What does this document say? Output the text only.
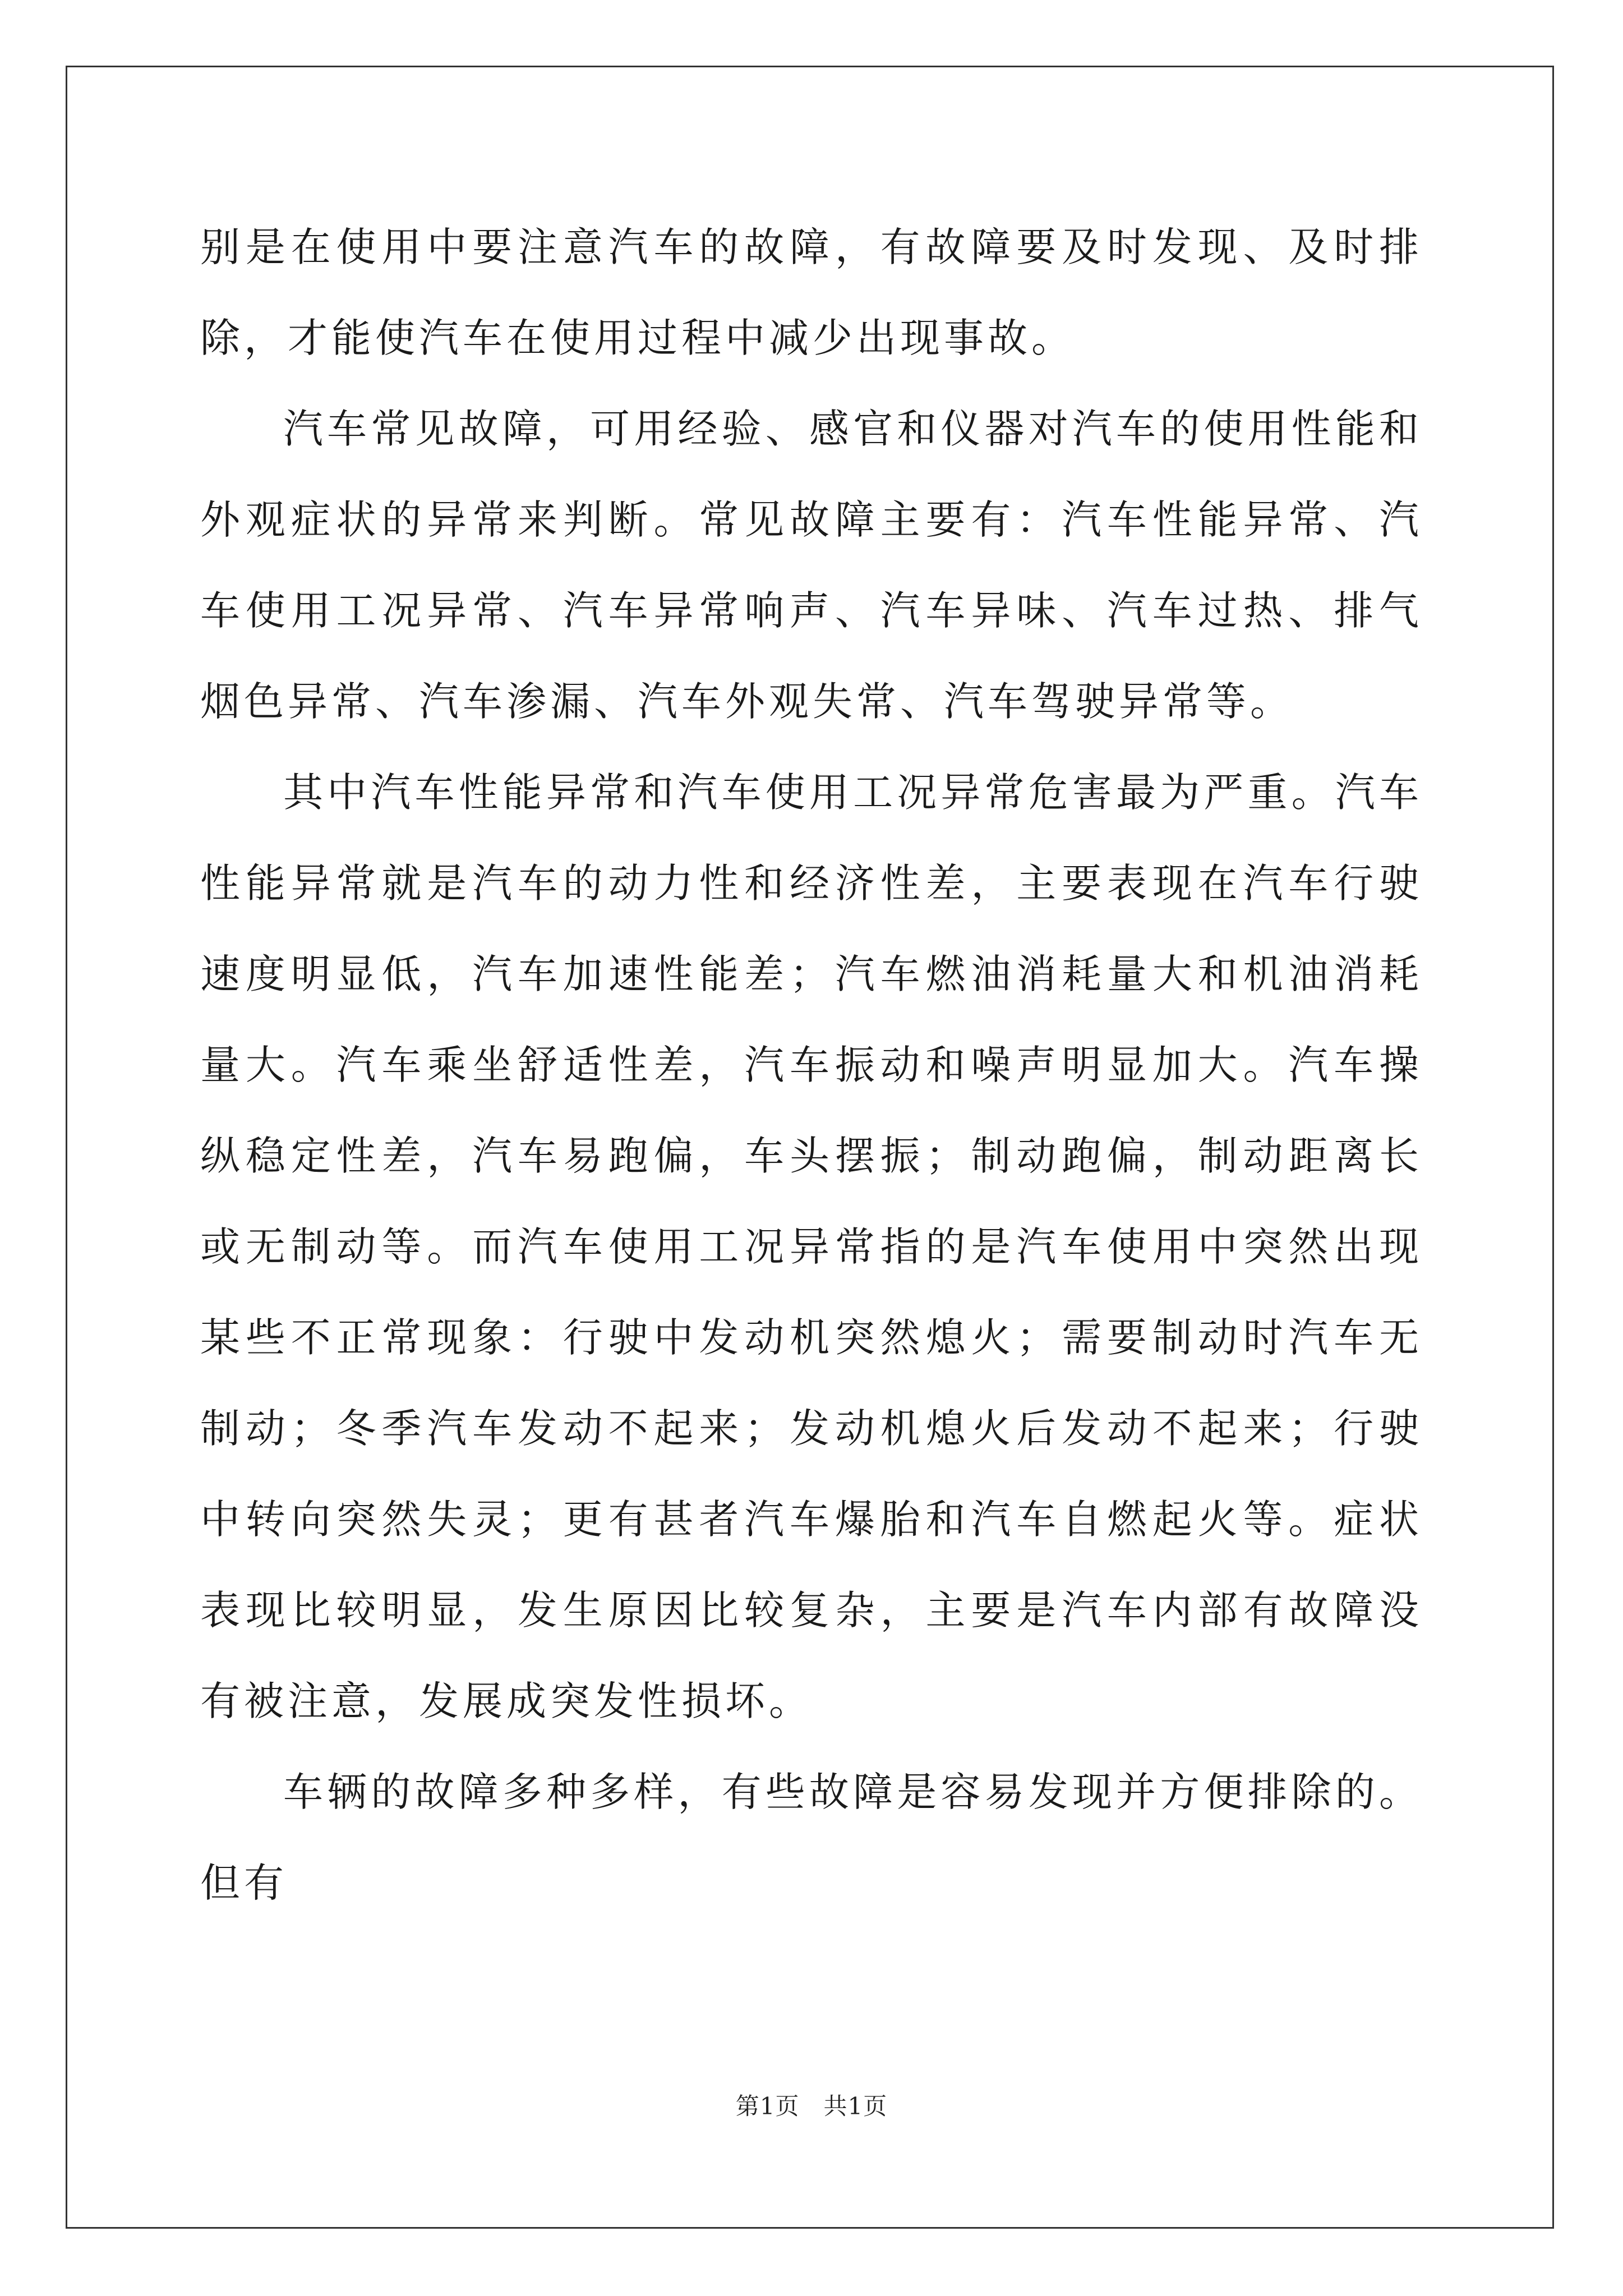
别是在使用中要注意汽车的故障，有故障要及时发现、及时排除，才能使汽车在使用过程中减少出现事故。

汽车常见故障，可用经验、感官和仪器对汽车的使用性能和外观症状的异常来判断。常见故障主要有：汽车性能异常、汽车使用工况异常、汽车异常响声、汽车异味、汽车过热、排气烟色异常、汽车渗漏、汽车外观失常、汽车驾驶异常等。

其中汽车性能异常和汽车使用工况异常危害最为严重。汽车性能异常就是汽车的动力性和经济性差，主要表现在汽车行驶速度明显低，汽车加速性能差；汽车燃油消耗量大和机油消耗量大。汽车乘坐舒适性差，汽车振动和噪声明显加大。汽车操纵稳定性差，汽车易跑偏，车头摆振；制动跑偏，制动距离长或无制动等。而汽车使用工况异常指的是汽车使用中突然出现某些不正常现象：行驶中发动机突然熄火；需要制动时汽车无制动；冬季汽车发动不起来；发动机熄火后发动不起来；行驶中转向突然失灵；更有甚者汽车爆胎和汽车自燃起火等。症状表现比较明显，发生原因比较复杂，主要是汽车内部有故障没有被注意，发展成突发性损坏。

车辆的故障多种多样，有些故障是容易发现并方便排除的。但有

第1页　共1页
